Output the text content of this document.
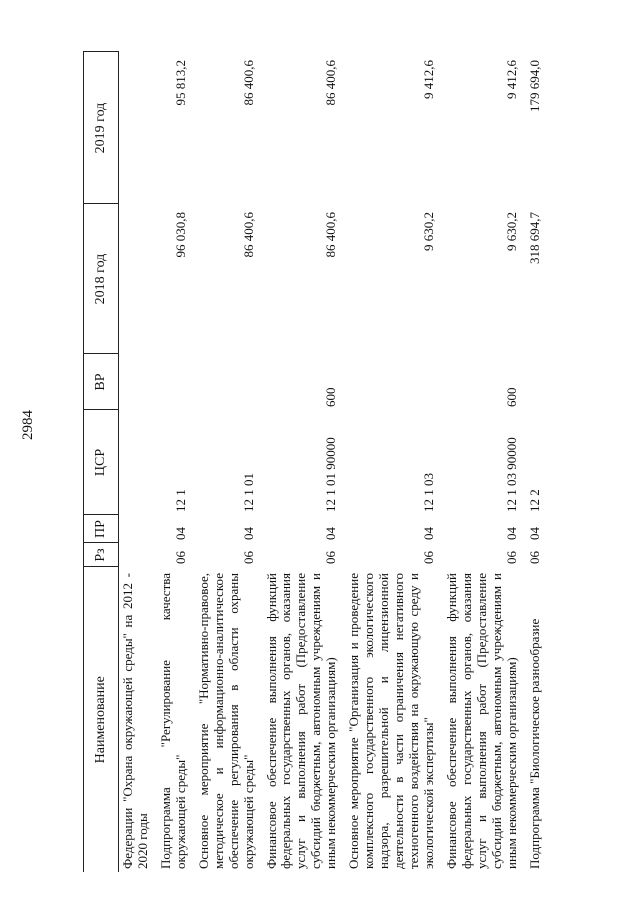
2984
Наименование	Рз	ПР	ЦСР	ВР	2018 год	2019 год
Федерации "Охрана окружающей среды" на 2012 - 2020 годы						
Подпрограмма "Регулирование качества окружающей среды"	06	04	12 1		96 030,8	95 813,2
Основное мероприятие "Нормативно-правовое, методическое и информационно-аналитическое обеспечение регулирования в области охраны окружающей среды"	06	04	12 1 01		86 400,6	86 400,6
Финансовое обеспечение выполнения функций федеральных государственных органов, оказания услуг и выполнения работ (Предоставление субсидий бюджетным, автономным учреждениям и иным некоммерческим организациям)	06	04	12 1 01 90000	600	86 400,6	86 400,6
Основное мероприятие "Организация и проведение комплексного государственного экологического надзора, разрешительной и лицензионной деятельности в части ограничения негативного техногенного воздействия на окружающую среду и экологической экспертизы"	06	04	12 1 03		9 630,2	9 412,6
Финансовое обеспечение выполнения функций федеральных государственных органов, оказания услуг и выполнения работ (Предоставление субсидий бюджетным, автономным учреждениям и иным некоммерческим организациям)	06	04	12 1 03 90000	600	9 630,2	9 412,6
Подпрограмма "Биологическое разнообразие	06	04	12 2		318 694,7	179 694,0
